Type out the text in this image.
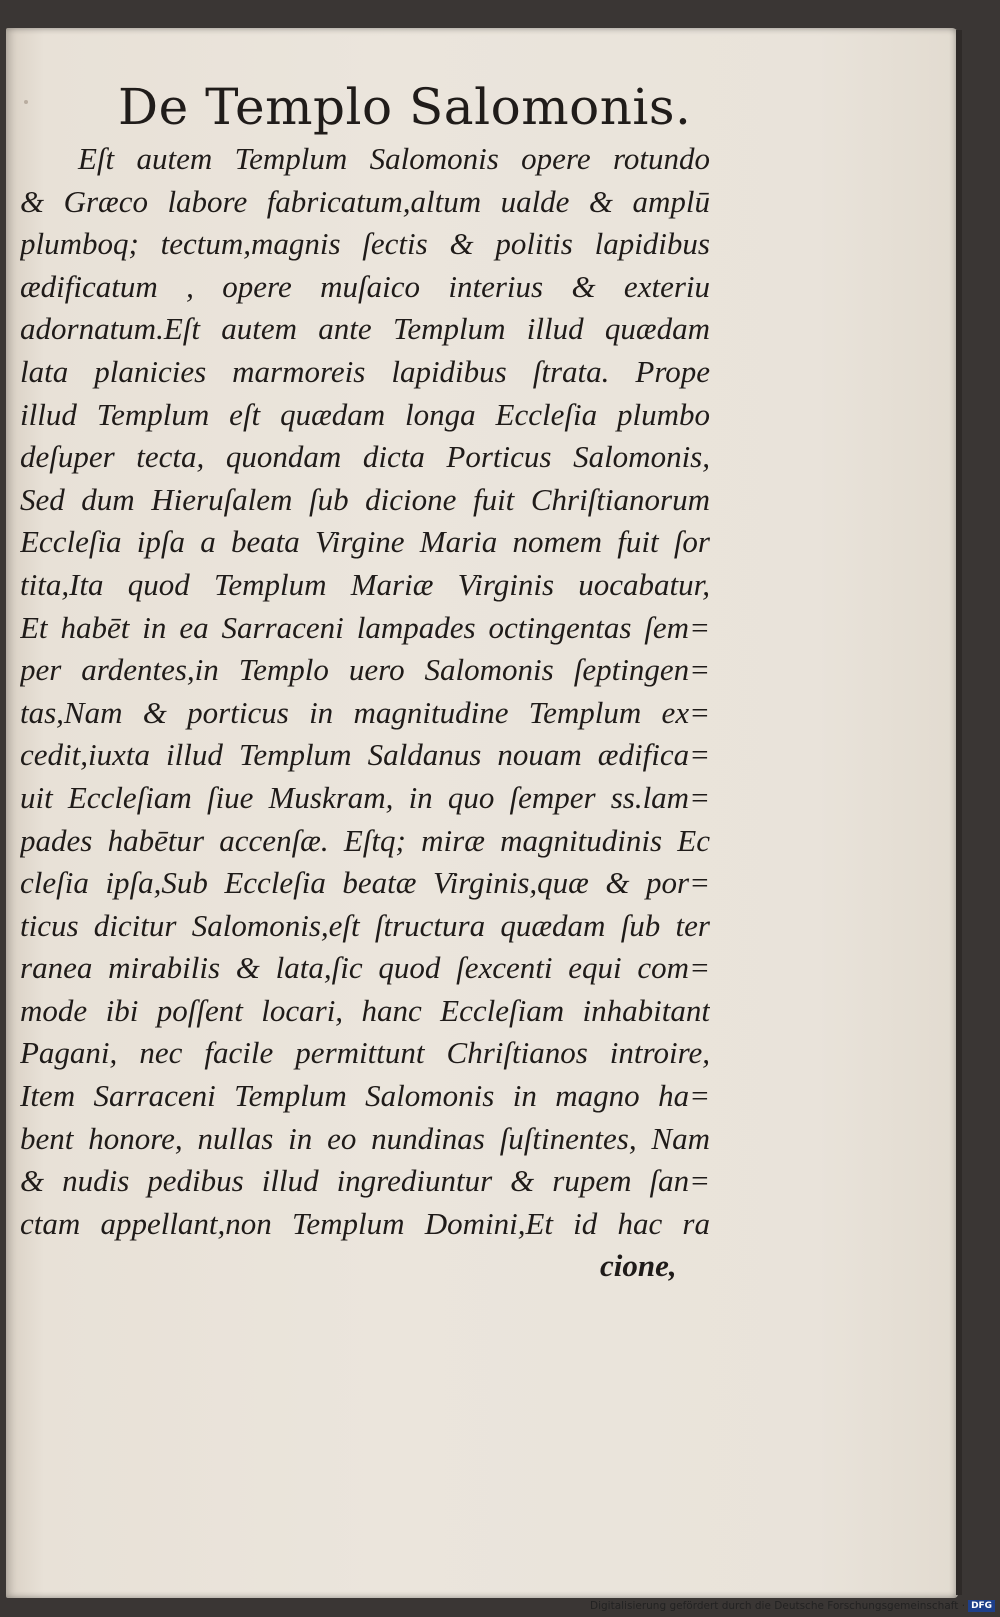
De Templo Salomonis.
Eſt autem Templum Salomonis opere rotundo
& Græco labore fabricatum,altum ualde & amplū
plumboq; tectum,magnis ſectis & politis lapidibus
ædificatum , opere muſaico interius & exteriu
adornatum.Eſt autem ante Templum illud quædam
lata planicies marmoreis lapidibus ſtrata. Prope
illud Templum eſt quædam longa Eccleſia plumbo
deſuper tecta, quondam dicta Porticus Salomonis,
Sed dum Hieruſalem ſub dicione fuit Chriſtianorum
Eccleſia ipſa a beata Virgine Maria nomem fuit ſor
tita,Ita quod Templum Mariæ Virginis uocabatur,
Et habēt in ea Sarraceni lampades octingentas ſem=
per ardentes,in Templo uero Salomonis ſeptingen=
tas,Nam & porticus in magnitudine Templum ex=
cedit,iuxta illud Templum Saldanus nouam ædifica=
uit Eccleſiam ſiue Muskram, in quo ſemper ss.lam=
pades habētur accenſæ. Eſtq; miræ magnitudinis Ec
cleſia ipſa,Sub Eccleſia beatæ Virginis,quæ & por=
ticus dicitur Salomonis,eſt ſtructura quædam ſub ter
ranea mirabilis & lata,ſic quod ſexcenti equi com=
mode ibi poſſent locari, hanc Eccleſiam inhabitant
Pagani, nec facile permittunt Chriſtianos introire,
Item Sarraceni Templum Salomonis in magno ha=
bent honore, nullas in eo nundinas ſuſtinentes, Nam
& nudis pedibus illud ingrediuntur & rupem ſan=
ctam appellant,non Templum Domini,Et id hac ra
cione,
Digitalisierung gefördert durch die Deutsche Forschungsgemeinschaft · DFG
